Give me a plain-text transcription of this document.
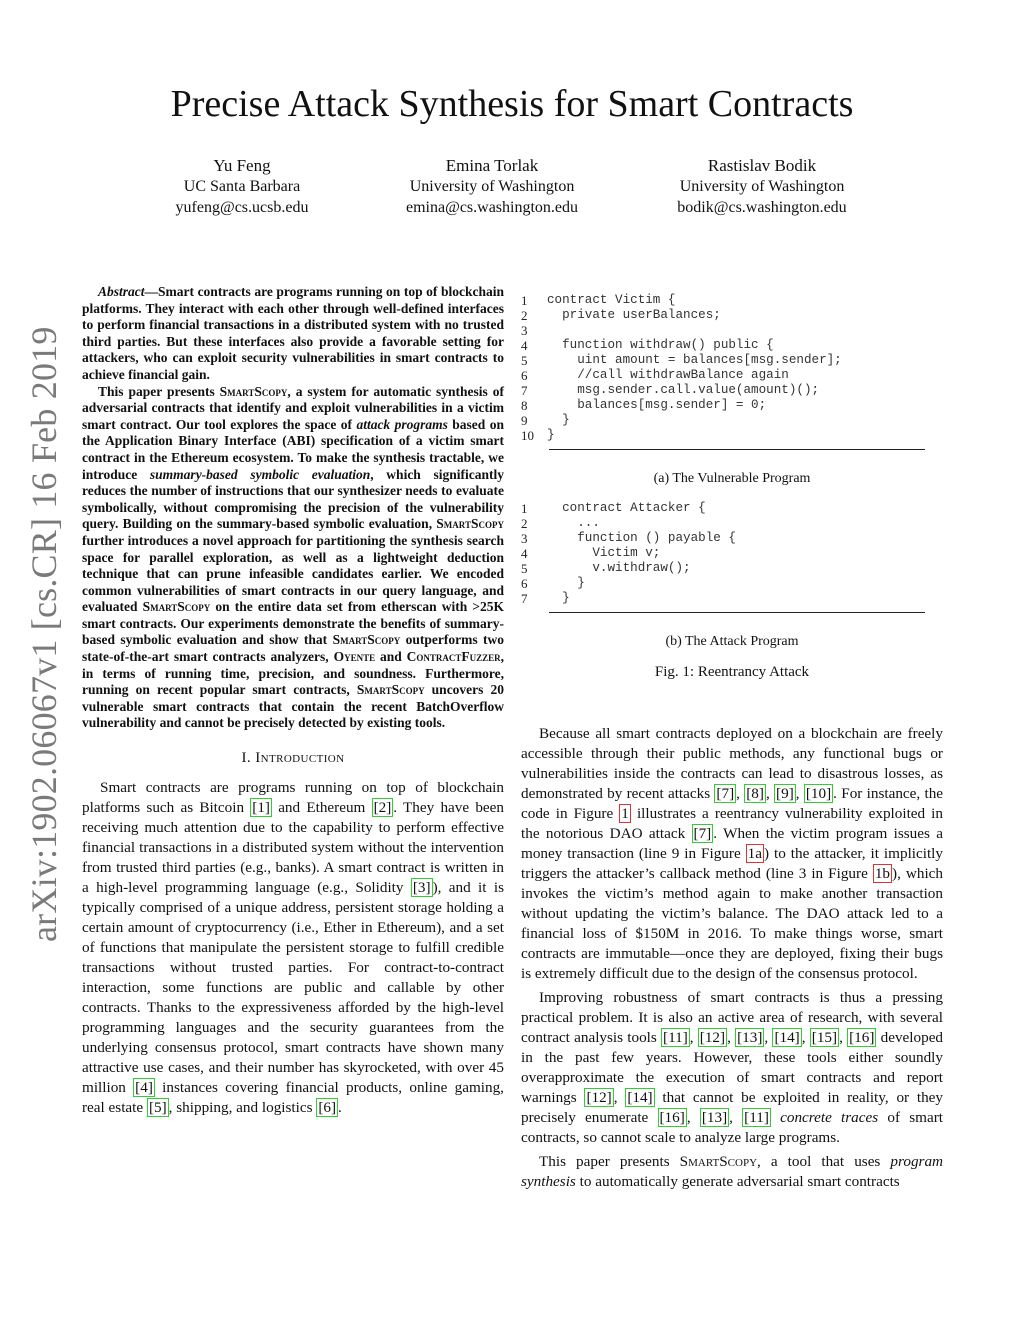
arXiv:1902.06067v1 [cs.CR] 16 Feb 2019
Precise Attack Synthesis for Smart Contracts
Yu Feng
UC Santa Barbara
yufeng@cs.ucsb.edu
Emina Torlak
University of Washington
emina@cs.washington.edu
Rastislav Bodik
University of Washington
bodik@cs.washington.edu

Abstract—Smart contracts are programs running on top of blockchain platforms. They interact with each other through well-defined interfaces to perform financial transactions in a distributed system with no trusted third parties. But these interfaces also provide a favorable setting for attackers, who can exploit security vulnerabilities in smart contracts to achieve financial gain.

This paper presents SmartScopy, a system for automatic synthesis of adversarial contracts that identify and exploit vulnerabilities in a victim smart contract. Our tool explores the space of attack programs based on the Application Binary Interface (ABI) specification of a victim smart contract in the Ethereum ecosystem. To make the synthesis tractable, we introduce summary-based symbolic evaluation, which significantly reduces the number of instructions that our synthesizer needs to evaluate symbolically, without compromising the precision of the vulnerability query. Building on the summary-based symbolic evaluation, SmartScopy further introduces a novel approach for partitioning the synthesis search space for parallel exploration, as well as a lightweight deduction technique that can prune infeasible candidates earlier. We encoded common vulnerabilities of smart contracts in our query language, and evaluated SmartScopy on the entire data set from etherscan with >25K smart contracts. Our experiments demonstrate the benefits of summary-based symbolic evaluation and show that SmartScopy outperforms two state-of-the-art smart contracts analyzers, Oyente and ContractFuzzer, in terms of running time, precision, and soundness. Furthermore, running on recent popular smart contracts, SmartScopy uncovers 20 vulnerable smart contracts that contain the recent BatchOverflow vulnerability and cannot be precisely detected by existing tools.

I. Introduction

Smart contracts are programs running on top of blockchain platforms such as Bitcoin [1] and Ethereum [2] . They have been receiving much attention due to the capability to perform effective financial transactions in a distributed system without the intervention from trusted third parties (e.g., banks). A smart contract is written in a high-level programming language (e.g., Solidity [3] ), and it is typically comprised of a unique address, persistent storage holding a certain amount of cryptocurrency (i.e., Ether in Ethereum), and a set of functions that manipulate the persistent storage to fulfill credible transactions without trusted parties. For contract-to-contract interaction, some functions are public and callable by other contracts. Thanks to the expressiveness afforded by the high-level programming languages and the security guarantees from the underlying consensus protocol, smart contracts have shown many attractive use cases, and their number has skyrocketed, with over 45 million [4] instances covering financial products, online gaming, real estate [5] , shipping, and logistics [6] .

1	contract Victim {
2	private userBalances;
3
4	function withdraw() public {
5	uint amount = balances[msg.sender];
6	//call withdrawBalance again
7	msg.sender.call.value(amount)();
8	balances[msg.sender] = 0;
9	}
10	}
(a) The Vulnerable Program
1	contract Attacker {
2	...
3	function () payable {
4	Victim v;
5	v.withdraw();
6	}
7	}
(b) The Attack Program
Fig. 1: Reentrancy Attack

Because all smart contracts deployed on a blockchain are freely accessible through their public methods, any functional bugs or vulnerabilities inside the contracts can lead to disastrous losses, as demonstrated by recent attacks [7] , [8] , [9] , [10] . For instance, the code in Figure 1 illustrates a reentrancy vulnerability exploited in the notorious DAO attack [7] . When the victim program issues a money transaction (line 9 in Figure 1a ) to the attacker, it implicitly triggers the attacker’s callback method (line 3 in Figure 1b ), which invokes the victim’s method again to make another transaction without updating the victim’s balance. The DAO attack led to a financial loss of $150M in 2016. To make things worse, smart contracts are immutable—once they are deployed, fixing their bugs is extremely difficult due to the design of the consensus protocol.

Improving robustness of smart contracts is thus a pressing practical problem. It is also an active area of research, with several contract analysis tools [11] , [12] , [13] , [14] , [15] , [16] developed in the past few years. However, these tools either soundly overapproximate the execution of smart contracts and report warnings [12] , [14] that cannot be exploited in reality, or they precisely enumerate [16] , [13] , [11] concrete traces of smart contracts, so cannot scale to analyze large programs.

This paper presents SmartScopy, a tool that uses program synthesis to automatically generate adversarial smart contracts
